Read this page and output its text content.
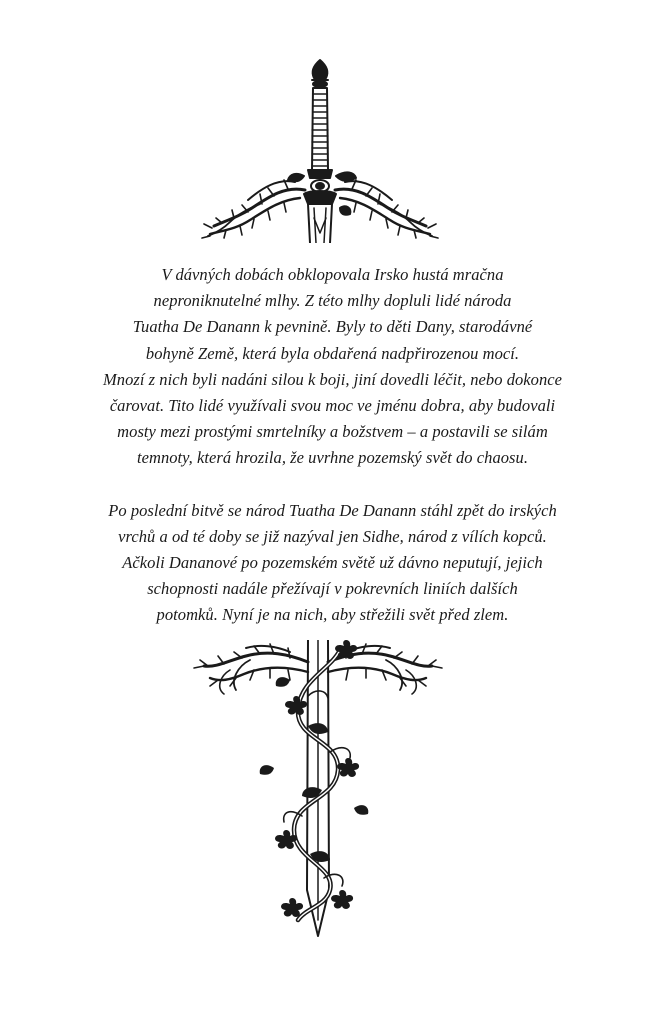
V dávných dobách obklopovala Irsko hustá mračna
neproniknutelné mlhy. Z této mlhy dopluli lidé národa
Tuatha De Danann k pevnině. Byly to děti Dany, starodávné
bohyně Země, která byla obdařená nadpřirozenou mocí.
Mnozí z nich byli nadáni silou k boji, jiní dovedli léčit, nebo dokonce
čarovat. Tito lidé využívali svou moc ve jménu dobra, aby budovali
mosty mezi prostými smrtelníky a božstvem – a postavili se silám
temnoty, která hrozila, že uvrhne pozemský svět do chaosu.

Po poslední bitvě se národ Tuatha De Danann stáhl zpět do irských
vrchů a od té doby se již nazýval jen Sidhe, národ z vílích kopců.
Ačkoli Dananové po pozemském světě už dávno neputují, jejich
schopnosti nadále přežívají v pokrevních liniích dalších
potomků. Nyní je na nich, aby střežili svět před zlem.
